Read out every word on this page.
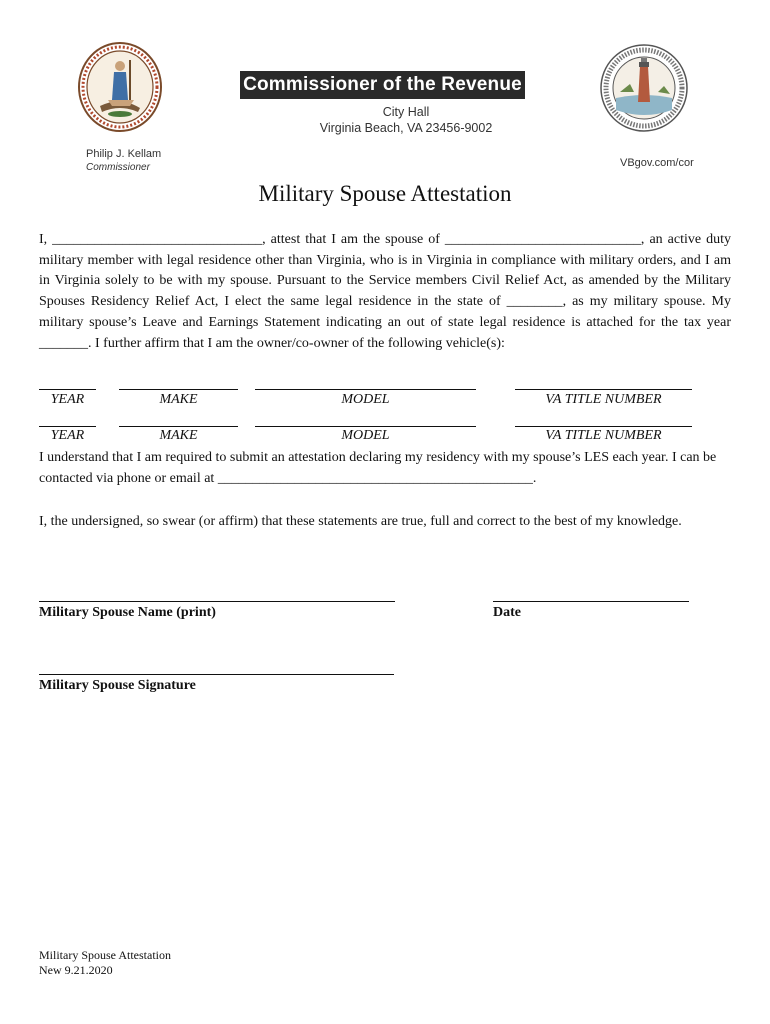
Commissioner of the Revenue
City Hall
Virginia Beach, VA 23456-9002
Philip J. Kellam
Commissioner	VBgov.com/cor
Military Spouse Attestation
I, ______________________________, attest that I am the spouse of ____________________________, an active duty military member with legal residence other than Virginia, who is in Virginia in compliance with military orders, and I am in Virginia solely to be with my spouse. Pursuant to the Service members Civil Relief Act, as amended by the Military Spouses Residency Relief Act, I elect the same legal residence in the state of ________, as my military spouse. My military spouse’s Leave and Earnings Statement indicating an out of state legal residence is attached for the tax year _______. I further affirm that I am the owner/co-owner of the following vehicle(s):
YEAR	MAKE	MODEL	VA TITLE NUMBER
YEAR	MAKE	MODEL	VA TITLE NUMBER
I understand that I am required to submit an attestation declaring my residency with my spouse’s LES each year. I can be contacted via phone or email at _____________________________________________.
I, the undersigned, so swear (or affirm) that these statements are true, full and correct to the best of my knowledge.
Military Spouse Name (print)	Date
Military Spouse Signature
Military Spouse Attestation
New 9.21.2020
